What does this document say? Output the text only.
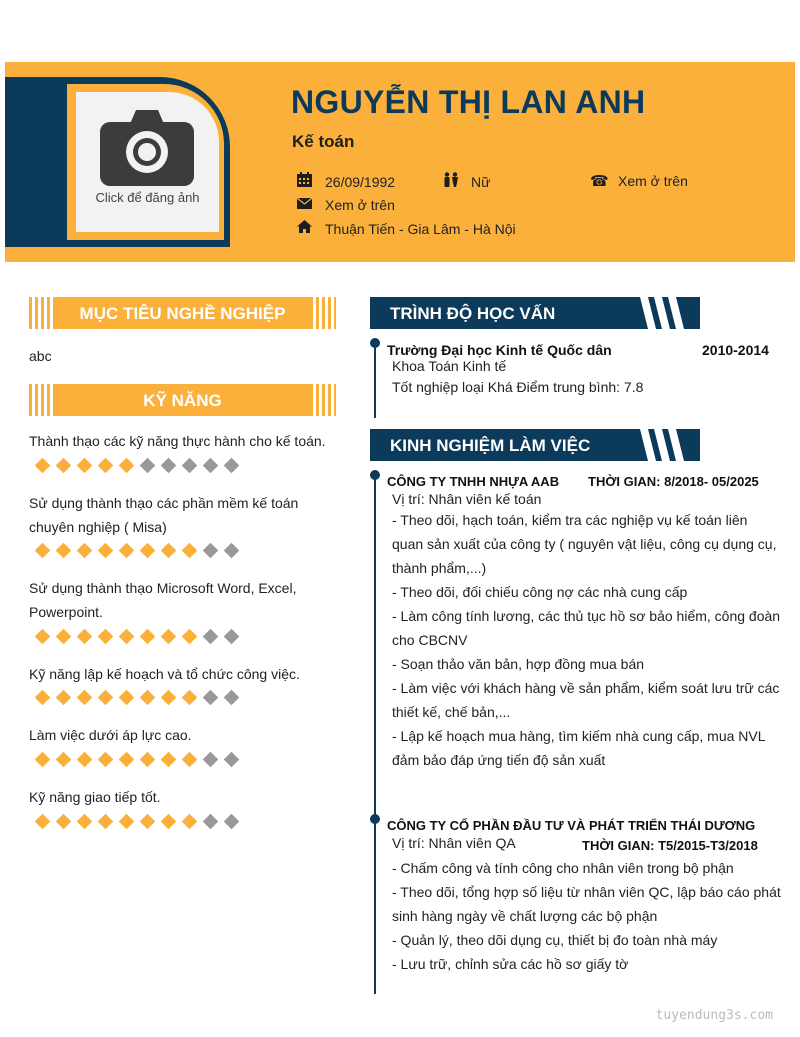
Click để đăng ảnh
NGUYỄN THỊ LAN ANH
Kế toán
26/09/1992	Nữ	☎ Xem ở trên
Xem ở trên
Thuận Tiến - Gia Lâm - Hà Nội
MỤC TIÊU NGHỀ NGHIỆP
abc
KỸ NĂNG
Thành thạo các kỹ năng thực hành cho kế toán.
Sử dụng thành thạo các phần mềm kế toán chuyên nghiệp ( Misa)
Sử dụng thành thạo Microsoft Word, Excel, Powerpoint.
Kỹ năng lập kế hoạch và tổ chức công việc.
Làm việc dưới áp lực cao.
Kỹ năng giao tiếp tốt.
TRÌNH ĐỘ HỌC VẤN
Trường Đại học Kinh tế Quốc dân	2010-2014
Khoa Toán Kinh tế
Tốt nghiệp loại Khá Điểm trung bình: 7.8
KINH NGHIỆM LÀM VIỆC
CÔNG TY TNHH NHỰA AAB THỜI GIAN: 8/2018- 05/2025
Vị trí: Nhân viên kế toán
- Theo dõi, hạch toán, kiểm tra các nghiệp vụ kế toán liên quan sản xuất của công ty ( nguyên vật liệu, công cụ dụng cụ, thành phẩm,...)
- Theo dõi, đối chiếu công nợ các nhà cung cấp
- Làm công tính lương, các thủ tục hồ sơ bảo hiểm, công đoàn cho CBCNV
- Soạn thảo văn bản, hợp đồng mua bán
- Làm việc với khách hàng về sản phẩm, kiểm soát lưu trữ các thiết kế, chế bản,...
- Lập kế hoạch mua hàng, tìm kiếm nhà cung cấp, mua NVL đảm bảo đáp ứng tiến độ sản xuất
CÔNG TY CỔ PHẦN ĐẦU TƯ VÀ PHÁT TRIỂN THÁI DƯƠNG
THỜI GIAN: T5/2015-T3/2018
Vị trí: Nhân viên QA
- Chấm công và tính công cho nhân viên trong bộ phận
- Theo dõi, tổng hợp số liệu từ nhân viên QC, lập báo cáo phát sinh hàng ngày về chất lượng các bộ phận
- Quản lý, theo dõi dụng cụ, thiết bị đo toàn nhà máy
- Lưu trữ, chỉnh sửa các hồ sơ giấy tờ
tuyendung3s.com
